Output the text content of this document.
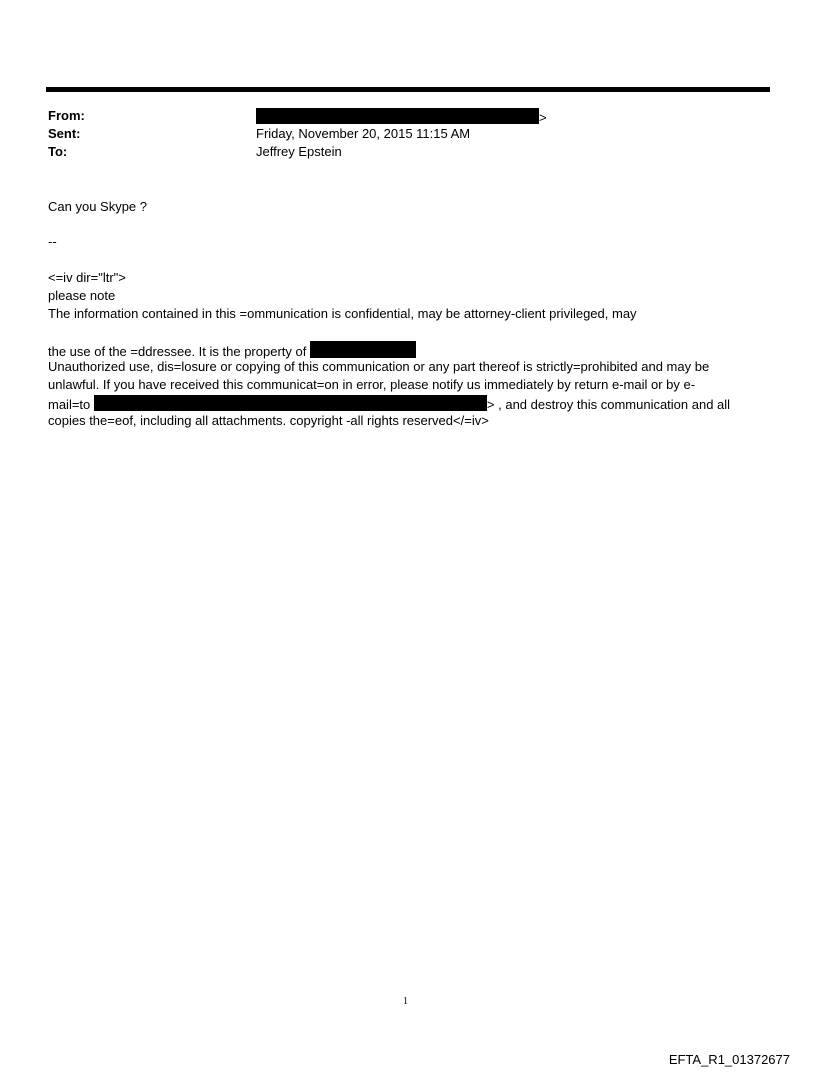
From:	>
Sent:	Friday, November 20, 2015 11:15 AM
To:	Jeffrey Epstein
Can you Skype ?
--
<=iv dir="ltr">
please note
The information contained in this =ommunication is confidential, may be attorney-client privileged, may
the use of the =ddressee. It is the property of
Unauthorized use, dis=losure or copying of this communication or any part thereof is strictly=prohibited and may be
unlawful. If you have received this communicat=on in error, please notify us immediately by return e-mail or by e-
mail=to	> , and destroy this communication and all
copies the=eof, including all attachments. copyright -all rights reserved</=iv>
1
EFTA_R1_01372677
